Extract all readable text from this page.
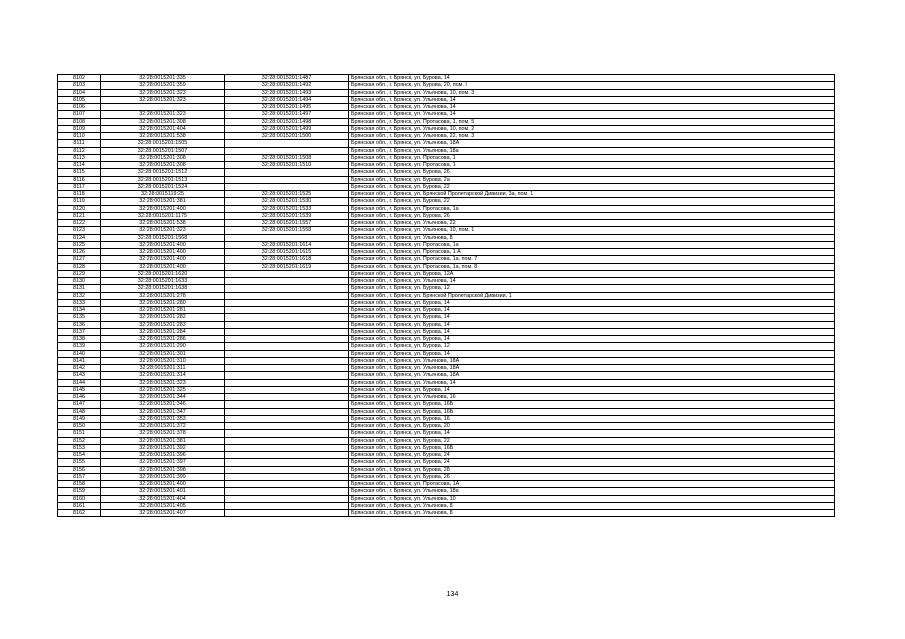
8102	32:28:0015201:335	32:28:0015201:1487	Брянская обл., г. Брянск, ул. Бурова, 14
8103	32:28:0015201:359	32:28:0015201:1492	Брянская обл., г. Брянск, ул. Бурова, 20, пом. I
8104	32:28:0015201:323	32:28:0015201:1493	Брянская обл., г. Брянск, ул. Ульянова, 10, пом. 3
8105	32:28:0015201:323	32:28:0015201:1494	Брянская обл., г. Брянск, ул. Ульянова, 14
8106		32:28:0015201:1495	Брянская обл., г. Брянск, ул. Ульянова, 14
8107	32:28:0015201:323	32:28:0015201:1497	Брянская обл., г. Брянск, ул. Ульянова, 14
8108	32:28:0015201:308	32:28:0015201:1498	Брянская обл., г. Брянск, ул. Протасова, 1, пом. 5
8109	32:28:0015201:404	32:28:0015201:1499	Брянская обл., г. Брянск, ул. Ульянова, 10, пом. 2
8110	32:28:0015201:538	32:28:0015201:1500	Брянская обл., г. Брянск, ул. Ульянова, 22, пом. 3
8111	32:28:0015201:1505		Брянская обл., г. Брянск, ул. Ульянова, 18А
8112	32:28:0015201:1507		Брянская обл., г. Брянск, ул. Ульянова, 18а
8113	32:28:0015201:308	32:28:0015201:1508	Брянская обл., г. Брянск, ул. Протасова, 1
8114	32:28:0015201:308	32:28:0015201:1510	Брянская обл., г. Брянск, ул. Протасова, 1
8115	32:28:0015201:1512		Брянская обл., г. Брянск, ул. Бурова, 26
8116	32:28:0015201:1513		Брянская обл., г. Брянск, ул. Бурова, 2а
8117	32:28:0015201:1524		Брянская обл., г. Брянск, ул. Бурова, 22
8118	32:28:0015119:25	32:28:0015201:1525	Брянская обл., г. Брянск, ул. Брянской Пролетарской Дивизии, 3а, пом. 1
8119	32:28:0015201:381	32:28:0015201:1530	Брянская обл., г. Брянск, ул. Бурова, 22
8120	32:28:0015201:400	32:28:0015201:1533	Брянская обл., г. Брянск, ул. Протасова, 1а
8121	32:28:0015201:1175	32:28:0015201:1539	Брянская обл., г. Брянск, ул. Бурова, 26
8122	32:28:0015201:538	32:28:0015201:1557	Брянская обл., г. Брянск, ул. Ульянова, 22
8123	32:28:0015201:323	32:28:0015201:1558	Брянская обл., г. Брянск, ул. Ульянова, 10, пом. 1
8124	32:28:0015201:1568		Брянская обл., г. Брянск, ул. Ульянова, 8
8125	32:28:0015201:400	32:28:0015201:1614	Брянская обл., г. Брянск, ул. Протасова, 1а
8126	32:28:0015201:400	32:28:0015201:1615	Брянская обл., г. Брянск, ул. Протасова, 1 А
8127	32:28:0015201:400	32:28:0015201:1618	Брянская обл., г. Брянск, ул. Протасова, 1а, пом. 7
8128	32:28:0015201:400	32:28:0015201:1619	Брянская обл., г. Брянск, ул. Протасова, 1а, пом. 8
8129	32:28:0015201:1620		Брянская обл., г. Брянск, ул. Бурова, 12А
8130	32:28:0015201:1633		Брянская обл., г. Брянск, ул. Ульянова, 14
8131	32:28:0015201:1638		Брянская обл., г. Брянск, ул. Бурова, 12
8132	32:28:0015201:278		Брянская обл., г. Брянск, ул. Брянской Пролетарской Дивизии, 1
8133	32:28:0015201:280		Брянская обл., г. Брянск, ул. Бурова, 14
8134	32:28:0015201:281		Брянская обл., г. Брянск, ул. Бурова, 14
8135	32:28:0015201:282		Брянская обл., г. Брянск, ул. Бурова, 14
8136	32:28:0015201:283		Брянская обл., г. Брянск, ул. Бурова, 14
8137	32:28:0015201:284		Брянская обл., г. Брянск, ул. Бурова, 14
8138	32:28:0015201:286		Брянская обл., г. Брянск, ул. Бурова, 14
8139	32:28:0015201:290		Брянская обл., г. Брянск, ул. Бурова, 12
8140	32:28:0015201:301		Брянская обл., г. Брянск, ул. Бурова, 14
8141	32:28:0015201:310		Брянская обл., г. Брянск, ул. Ульянова, 18А
8142	32:28:0015201:311		Брянская обл., г. Брянск, ул. Ульянова, 18А
8143	32:28:0015201:314		Брянская обл., г. Брянск, ул. Ульянова, 18А
8144	32:28:0015201:323		Брянская обл., г. Брянск, ул. Ульянова, 14
8145	32:28:0015201:325		Брянская обл., г. Брянск, ул. Бурова, 14
8146	32:28:0015201:344		Брянская обл., г. Брянск, ул. Ульянова, 16
8147	32:28:0015201:346		Брянская обл., г. Брянск, ул. Бурова, 16Б
8148	32:28:0015201:347		Брянская обл., г. Брянск, ул. Бурова, 16Б
8149	32:28:0015201:353		Брянская обл., г. Брянск, ул. Бурова, 16
8150	32:28:0015201:372		Брянская обл., г. Брянск, ул. Бурова, 20
8151	32:28:0015201:378		Брянская обл., г. Брянск, ул. Бурова, 14
8152	32:28:0015201:381		Брянская обл., г. Брянск, ул. Бурова, 22
8153	32:28:0015201:392		Брянская обл., г. Брянск, ул. Бурова, 16Б
8154	32:28:0015201:396		Брянская обл., г. Брянск, ул. Бурова, 24
8155	32:28:0015201:397		Брянская обл., г. Брянск, ул. Бурова, 24
8156	32:28:0015201:398		Брянская обл., г. Брянск, ул. Бурова, 28
8157	32:28:0015201:399		Брянская обл., г. Брянск, ул. Бурова, 26
8158	32:28:0015201:400		Брянская обл., г. Брянск, ул. Протасова, 1А
8159	32:28:0015201:401		Брянская обл., г. Брянск, ул. Ульянова, 18а
8160	32:28:0015201:404		Брянская обл., г. Брянск, ул. Ульянова, 10
8161	32:28:0015201:405		Брянская обл., г. Брянск, ул. Ульянова, 8
8162	32:28:0015201:407		Брянская обл., г. Брянск, ул. Ульянова, 8
134
